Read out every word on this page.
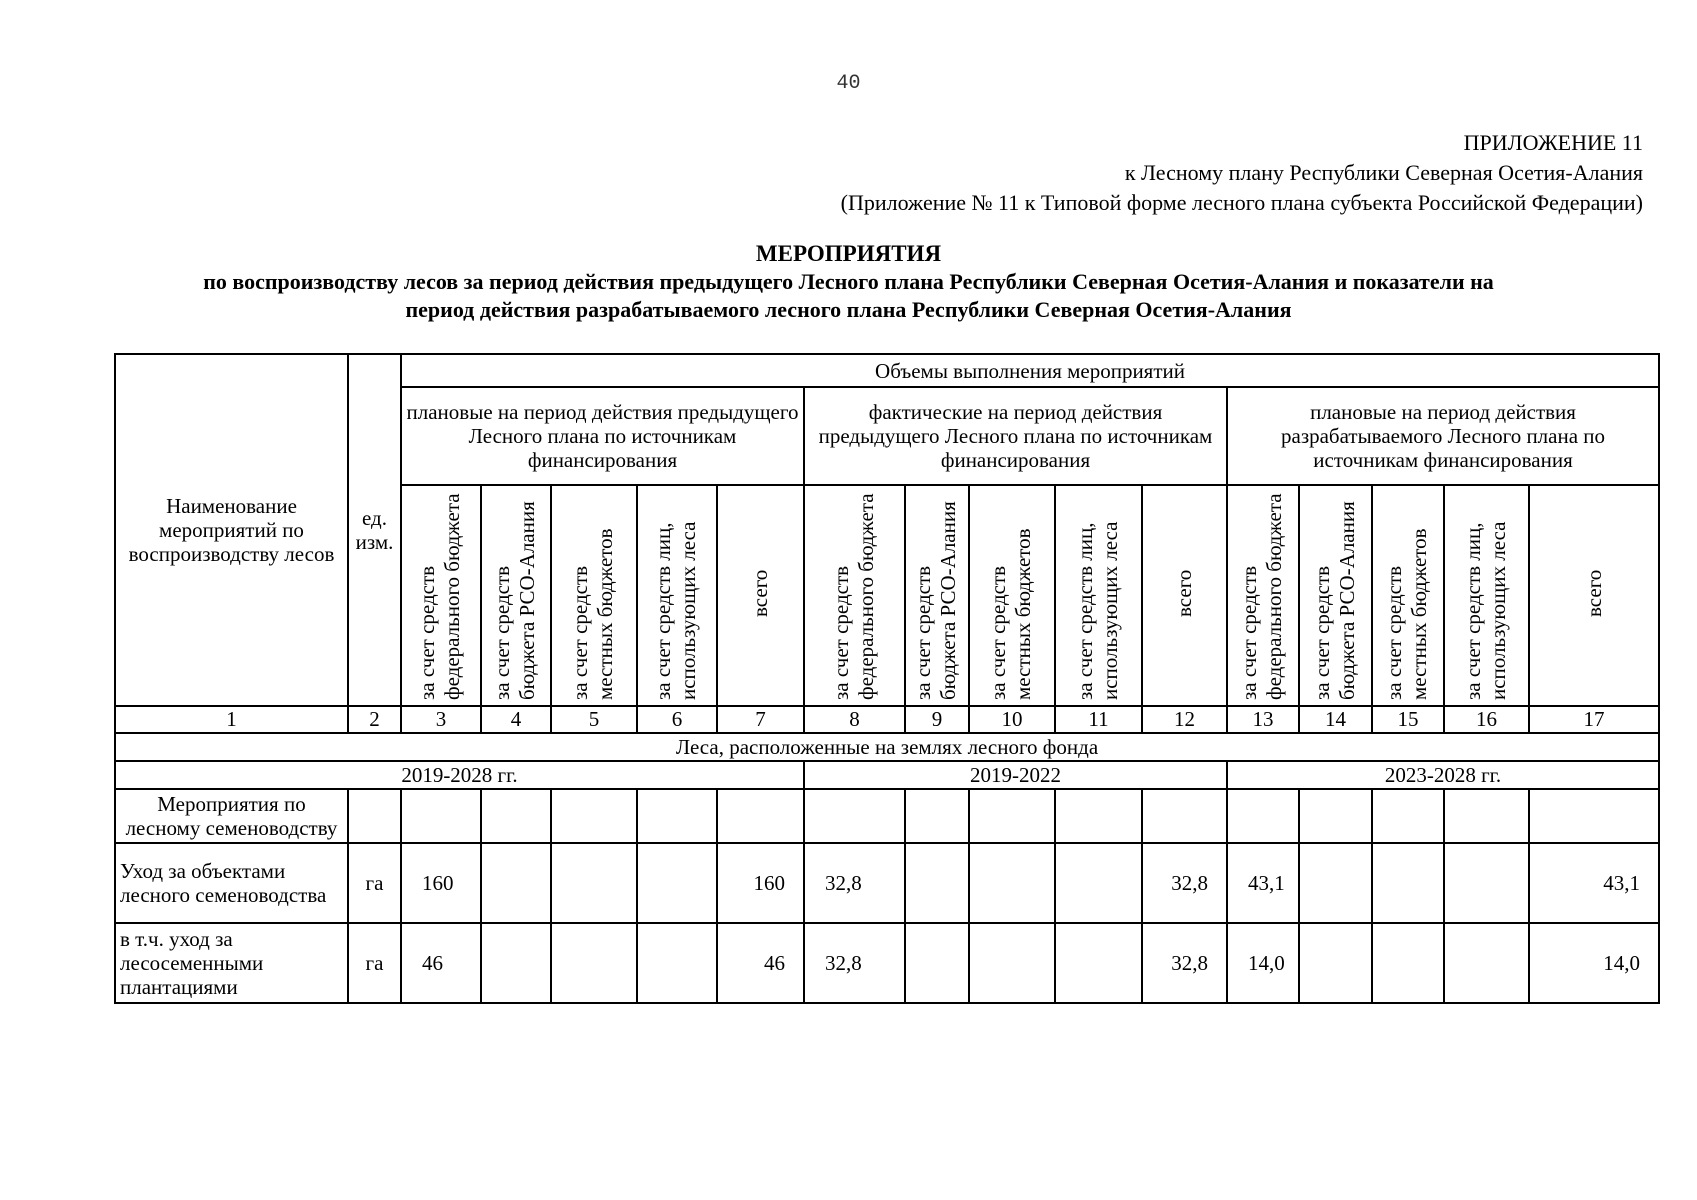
40
ПРИЛОЖЕНИЕ 11
к Лесному плану Республики Северная Осетия-Алания
(Приложение № 11 к Типовой форме лесного плана субъекта Российской Федерации)
МЕРОПРИЯТИЯ
по воспроизводству лесов за период действия предыдущего Лесного плана Республики Северная Осетия-Алания и показатели на
период действия разрабатываемого лесного плана Республики Северная Осетия-Алания
Наименование мероприятий по воспроизводству лесов	ед. изм.	Объемы выполнения мероприятий														
		плановые на период действия предыдущего Лесного плана по источникам финансирования					фактические на период действия предыдущего Лесного плана по источникам финансирования					плановые на период действия разрабатываемого Лесного плана по источникам финансирования				
		за счет средств федерального бюджета	за счет средств бюджета РСО-Алания	за счет средств местных бюджетов	за счет средств лиц, использующих леса	всего	за счет средств федерального бюджета	за счет средств бюджета РСО-Алания	за счет средств местных бюджетов	за счет средств лиц, использующих леса	всего	за счет средств федерального бюджета	за счет средств бюджета РСО-Алания	за счет средств местных бюджетов	за счет средств лиц, использующих леса	всего
1	2	3	4	5	6	7	8	9	10	11	12	13	14	15	16	17
Леса, расположенные на землях лесного фонда																
2019-2028 гг.							2019-2022					2023-2028 гг.				
Мероприятия по лесному семеноводству																
Уход за объектами лесного семеноводства	га	160				160	32,8				32,8	43,1				43,1
в т.ч. уход за лесосеменными плантациями	га	46				46	32,8				32,8	14,0				14,0
